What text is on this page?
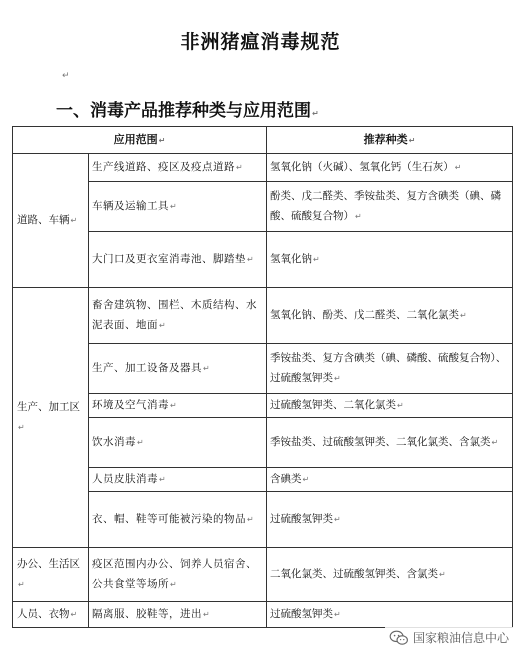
非洲猪瘟消毒规范
↵
一、消毒产品推荐种类与应用范围↵
应用范围↵		推荐种类↵
道路、车辆↵	生产线道路、疫区及疫点道路↵	氢氧化钠（火碱）、氢氧化钙（生石灰）↵
	车辆及运输工具↵	酚类、戊二醛类、季铵盐类、复方含碘类（碘、磷酸、硫酸复合物）↵
	大门口及更衣室消毒池、脚踏垫↵	氢氧化钠↵
生产、加工区↵	畜舍建筑物、围栏、木质结构、水泥表面、地面↵	氢氧化钠、酚类、戊二醛类、二氧化氯类↵
	生产、加工设备及器具↵	季铵盐类、复方含碘类（碘、磷酸、硫酸复合物）、过硫酸氢钾类↵
	环境及空气消毒↵	过硫酸氢钾类、二氧化氯类↵
	饮水消毒↵	季铵盐类、过硫酸氢钾类、二氧化氯类、含氯类↵
	人员皮肤消毒↵	含碘类↵
	衣、帽、鞋等可能被污染的物品↵	过硫酸氢钾类↵
办公、生活区↵	疫区范围内办公、饲养人员宿舍、公共食堂等场所↵	二氧化氯类、过硫酸氢钾类、含氯类↵
人员、衣物↵	隔离服、胶鞋等，进出↵	过硫酸氢钾类↵
国家粮油信息中心
